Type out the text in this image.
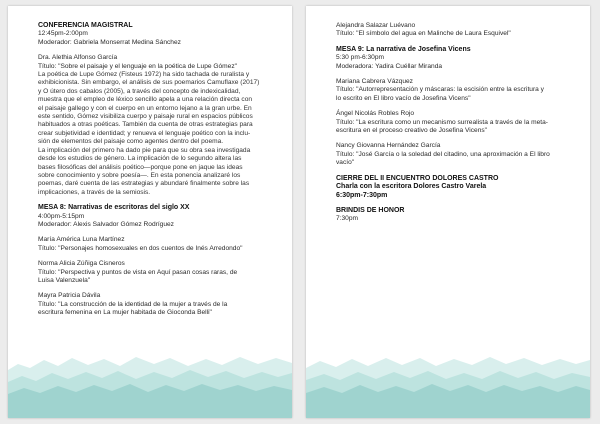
CONFERENCIA MAGISTRAL

12:45pm-2:00pm

Moderador: Gabriela Monserrat Medina Sánchez

Dra. Alethia Alfonso García

Título: "Sobre el paisaje y el lenguaje en la poética de Lupe Gómez"

La poética de Lupe Gómez (Fisteus 1972) ha sido tachada de ruralista y

exhibicionista. Sin embargo, el análisis de sus poemarios Camuflaxe (2017)

y O útero dos cabalos (2005), a través del concepto de indexicalidad,

muestra que el empleo de léxico sencillo apela a una relación directa con

el paisaje gallego y con el cuerpo en un entorno lejano a la gran urbe. En

este sentido, Gómez visibiliza cuerpo y paisaje rural en espacios públicos

habituados a otras poéticas. También da cuenta de otras estrategias para

crear subjetividad e identidad; y renueva el lenguaje poético con la inclu-

sión de elementos del paisaje como agentes dentro del poema.

La implicación del primero ha dado pie para que su obra sea investigada

desde los estudios de género. La implicación de lo segundo altera las

bases filosóficas del análisis poético—porque pone en jaque las ideas

sobre conocimiento y sobre poesía—. En esta ponencia analizaré los

poemas, daré cuenta de las estrategias y abundaré finalmente sobre las

implicaciones, a través de la semiosis.

MESA 8: Narrativas de escritoras del siglo XX

4:00pm-5:15pm

Moderador: Alexis Salvador Gómez Rodríguez

María América Luna Martínez

Título: "Personajes homosexuales en dos cuentos de Inés Arredondo"

Norma Alicia Zúñiga Cisneros

Título: "Perspectiva y puntos de vista en Aquí pasan cosas raras, de

Luisa Valenzuela"

Mayra Patricia Dávila

Título: "La construcción de la identidad de la mujer a través de la

escritura femenina en La mujer habitada de Gioconda Belli"

Alejandra Salazar Luévano

Título: "El símbolo del agua en Malinche de Laura Esquivel"

MESA 9: La narrativa de Josefina Vicens

5:30 pm-6:30pm

Moderadora: Yadira Cuéllar Miranda

Mariana Cabrera Vázquez

Título: "Autorrepresentación y máscaras: la escisión entre la escritura y

lo escrito en El libro vacío de Josefina Vicens"

Ángel Nicolás Robles Rojo

Título: "La escritura como un mecanismo surrealista a través de la meta-

escritura en el proceso creativo de Josefina Vicens"

Nancy Giovanna Hernández García

Título: "José García o la soledad del citadino, una aproximación a El libro

vacío"

CIERRE DEL II ENCUENTRO DOLORES CASTRO

Charla con la escritora Dolores Castro Varela

6:30pm-7:30pm

BRINDIS DE HONOR

7:30pm
